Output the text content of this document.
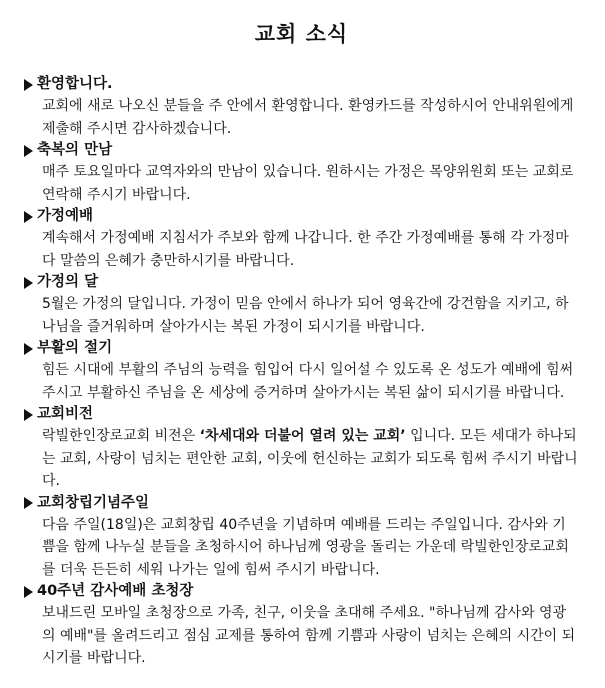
교회 소식
환영합니다.

교회에 새로 나오신 분들을 주 안에서 환영합니다. 환영카드를 작성하시어 안내위원에게 제출해 주시면 감사하겠습니다.

축복의 만남

매주 토요일마다 교역자와의 만남이 있습니다. 원하시는 가정은 목양위원회 또는 교회로 연락해 주시기 바랍니다.

가정예배

계속해서 가정예배 지침서가 주보와 함께 나갑니다. 한 주간 가정예배를 통해 각 가정마다 말씀의 은혜가 충만하시기를 바랍니다.

가정의 달

5월은 가정의 달입니다. 가정이 믿음 안에서 하나가 되어 영육간에 강건함을 지키고, 하나님을 즐거워하며 살아가시는 복된 가정이 되시기를 바랍니다.

부활의 절기

힘든 시대에 부활의 주님의 능력을 힘입어 다시 일어설 수 있도록 온 성도가 예배에 힘써 주시고 부활하신 주님을 온 세상에 증거하며 살아가시는 복된 삶이 되시기를 바랍니다.

교회비전

락빌한인장로교회 비전은 ‘차세대와 더불어 열려 있는 교회’ 입니다. 모든 세대가 하나되는 교회, 사랑이 넘치는 편안한 교회, 이웃에 헌신하는 교회가 되도록 힘써 주시기 바랍니다.

교회창립기념주일

다음 주일(18일)은 교회창립 40주년을 기념하며 예배를 드리는 주일입니다. 감사와 기쁨을 함께 나누실 분들을 초청하시어 하나님께 영광을 돌리는 가운데 락빌한인장로교회를 더욱 든든히 세워 나가는 일에 힘써 주시기 바랍니다.

40주년 감사예배 초청장

보내드린 모바일 초청장으로 가족, 친구, 이웃을 초대해 주세요. "하나님께 감사와 영광의 예배"를 올려드리고 점심 교제를 통하여 함께 기쁨과 사랑이 넘치는 은혜의 시간이 되시기를 바랍니다.
